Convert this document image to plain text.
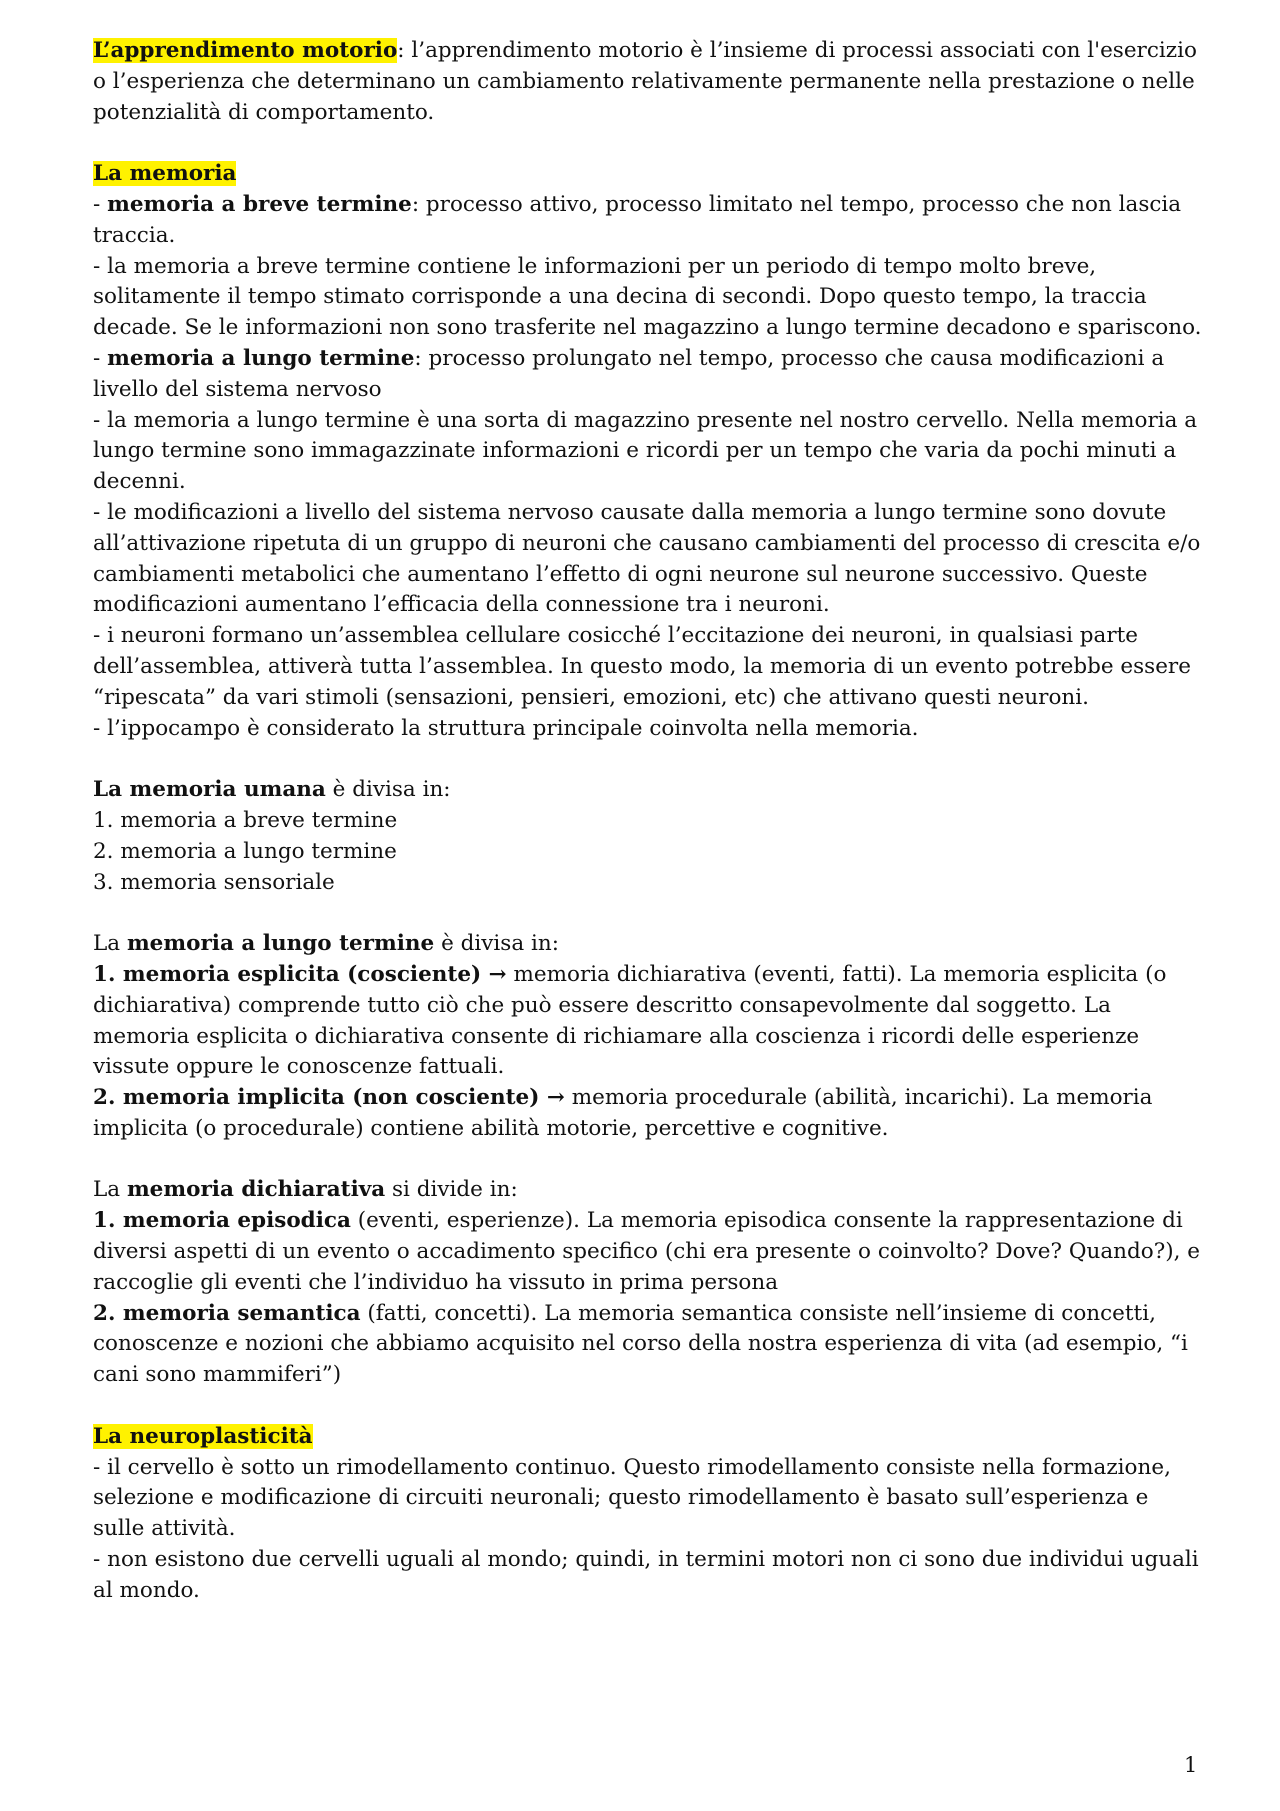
L’apprendimento motorio: l’apprendimento motorio è l’insieme di processi associati con l'esercizio o l’esperienza che determinano un cambiamento relativamente permanente nella prestazione o nelle potenzialità di comportamento.

La memoria

- memoria a breve termine: processo attivo, processo limitato nel tempo, processo che non lascia traccia.

- la memoria a breve termine contiene le informazioni per un periodo di tempo molto breve, solitamente il tempo stimato corrisponde a una decina di secondi. Dopo questo tempo, la traccia decade. Se le informazioni non sono trasferite nel magazzino a lungo termine decadono e spariscono.

- memoria a lungo termine: processo prolungato nel tempo, processo che causa modificazioni a livello del sistema nervoso

- la memoria a lungo termine è una sorta di magazzino presente nel nostro cervello. Nella memoria a lungo termine sono immagazzinate informazioni e ricordi per un tempo che varia da pochi minuti a decenni.

- le modificazioni a livello del sistema nervoso causate dalla memoria a lungo termine sono dovute all’attivazione ripetuta di un gruppo di neuroni che causano cambiamenti del processo di crescita e/o cambiamenti metabolici che aumentano l’effetto di ogni neurone sul neurone successivo. Queste modificazioni aumentano l’efficacia della connessione tra i neuroni.

- i neuroni formano un’assemblea cellulare cosicché l’eccitazione dei neuroni, in qualsiasi parte dell’assemblea, attiverà tutta l’assemblea. In questo modo, la memoria di un evento potrebbe essere “ripescata” da vari stimoli (sensazioni, pensieri, emozioni, etc) che attivano questi neuroni.

- l’ippocampo è considerato la struttura principale coinvolta nella memoria.

La memoria umana è divisa in:

1. memoria a breve termine

2. memoria a lungo termine

3. memoria sensoriale

La memoria a lungo termine è divisa in:

1. memoria esplicita (cosciente) → memoria dichiarativa (eventi, fatti). La memoria esplicita (o dichiarativa) comprende tutto ciò che può essere descritto consapevolmente dal soggetto. La memoria esplicita o dichiarativa consente di richiamare alla coscienza i ricordi delle esperienze vissute oppure le conoscenze fattuali.

2. memoria implicita (non cosciente) → memoria procedurale (abilità, incarichi). La memoria implicita (o procedurale) contiene abilità motorie, percettive e cognitive.

La memoria dichiarativa si divide in:

1. memoria episodica (eventi, esperienze). La memoria episodica consente la rappresentazione di diversi aspetti di un evento o accadimento specifico (chi era presente o coinvolto? Dove? Quando?), e raccoglie gli eventi che l’individuo ha vissuto in prima persona

2. memoria semantica (fatti, concetti). La memoria semantica consiste nell’insieme di concetti, conoscenze e nozioni che abbiamo acquisito nel corso della nostra esperienza di vita (ad esempio, “i cani sono mammiferi”)

La neuroplasticità

- il cervello è sotto un rimodellamento continuo. Questo rimodellamento consiste nella formazione, selezione e modificazione di circuiti neuronali; questo rimodellamento è basato sull’esperienza e sulle attività.

- non esistono due cervelli uguali al mondo; quindi, in termini motori non ci sono due individui uguali al mondo.

1
